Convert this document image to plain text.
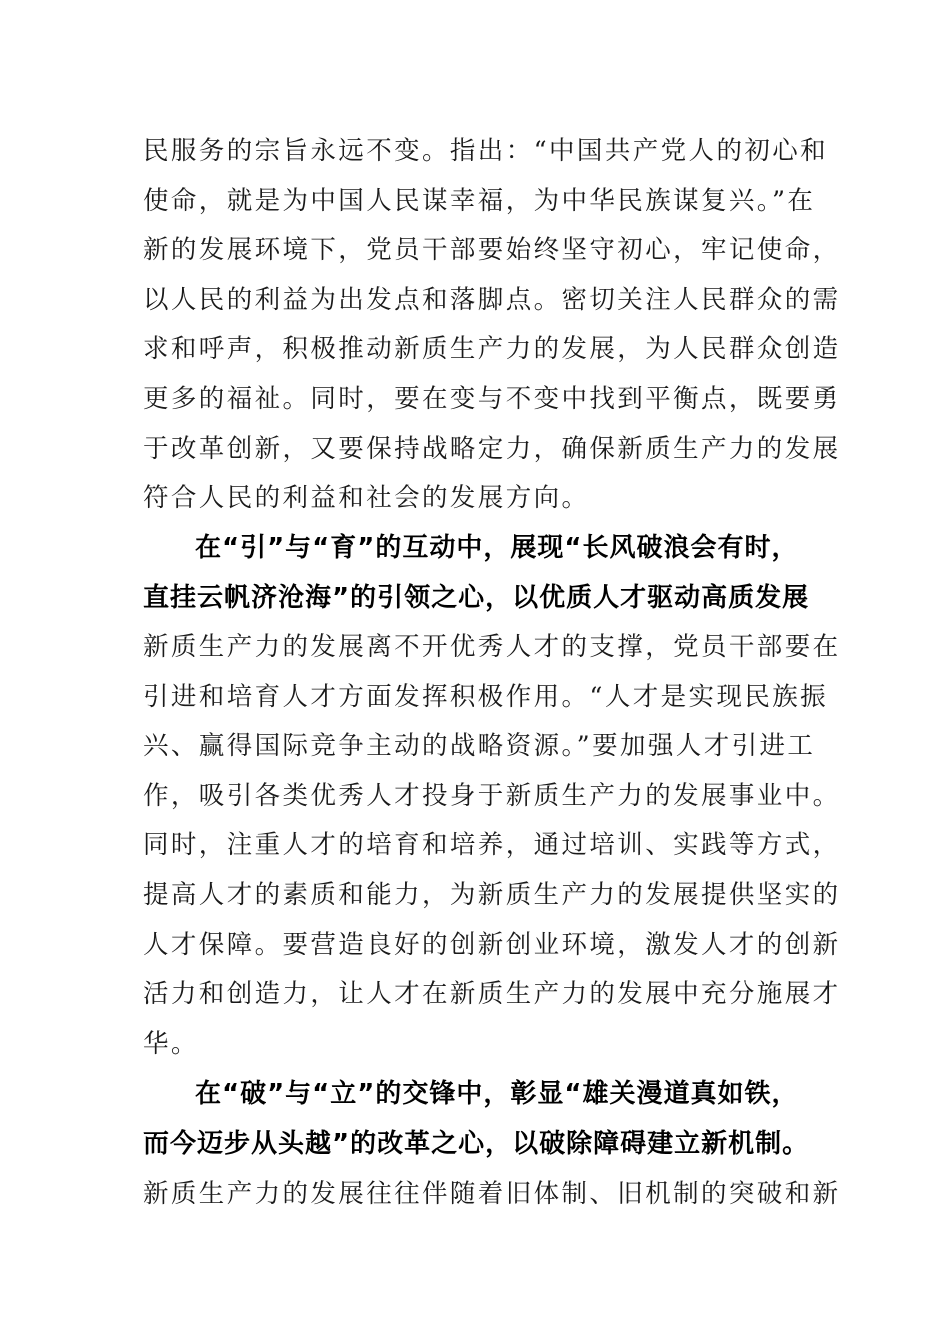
民服务的宗旨永远不变。指出：“中国共产党人的初心和
使命，就是为中国人民谋幸福，为中华民族谋复兴。”在
新的发展环境下，党员干部要始终坚守初心，牢记使命，
以人民的利益为出发点和落脚点。密切关注人民群众的需
求和呼声，积极推动新质生产力的发展，为人民群众创造
更多的福祉。同时，要在变与不变中找到平衡点，既要勇
于改革创新，又要保持战略定力，确保新质生产力的发展
符合人民的利益和社会的发展方向。
在“引”与“育”的互动中，展现“长风破浪会有时，
直挂云帆济沧海”的引领之心，以优质人才驱动高质发展
新质生产力的发展离不开优秀人才的支撑，党员干部要在
引进和培育人才方面发挥积极作用。“人才是实现民族振
兴、赢得国际竞争主动的战略资源。”要加强人才引进工
作，吸引各类优秀人才投身于新质生产力的发展事业中。
同时，注重人才的培育和培养，通过培训、实践等方式，
提高人才的素质和能力，为新质生产力的发展提供坚实的
人才保障。要营造良好的创新创业环境，激发人才的创新
活力和创造力，让人才在新质生产力的发展中充分施展才
华。
在“破”与“立”的交锋中，彰显“雄关漫道真如铁，
而今迈步从头越”的改革之心，以破除障碍建立新机制。
新质生产力的发展往往伴随着旧体制、旧机制的突破和新
